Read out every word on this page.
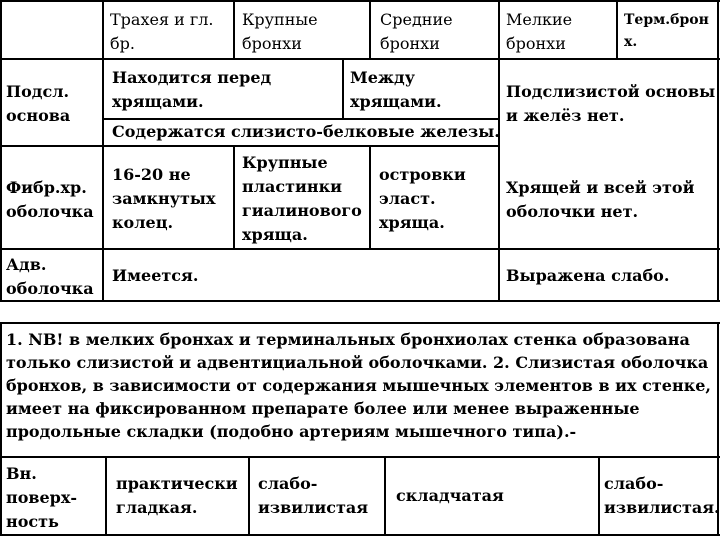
Трахея и гл.
бр.
Крупные
бронхи
Средние
бронхи
Мелкие
бронхи
Терм.брон
х.
Подсл.
основа
Находится перед
хрящами.
Между
хрящами.
Содержатся слизисто-белковые железы.
Подслизистой основы
и желёз нет.
Фибр.хр.
оболочка
16-20 не
замкнутых
колец.
Крупные
пластинки
гиалинового
хряща.
островки
эласт.
хряща.
Хрящей и всей этой
оболочки нет.
Адв.
оболочка
Имеется.	Выражена слабо.
1. NB! в мелких бронхах и терминальных бронхиолах стенка образована только слизистой и адвентициальной оболочками. 2. Слизистая оболочка бронхов, в зависимости от содержания мышечных элементов в их стенке, имеет на фиксированном препарате более или менее выраженные продольные складки (подобно артериям мышечного типа).-
Вн.
поверх-
ность
практически
гладкая.
слабо-
извилистая
складчатая
слабо-
извилистая.
